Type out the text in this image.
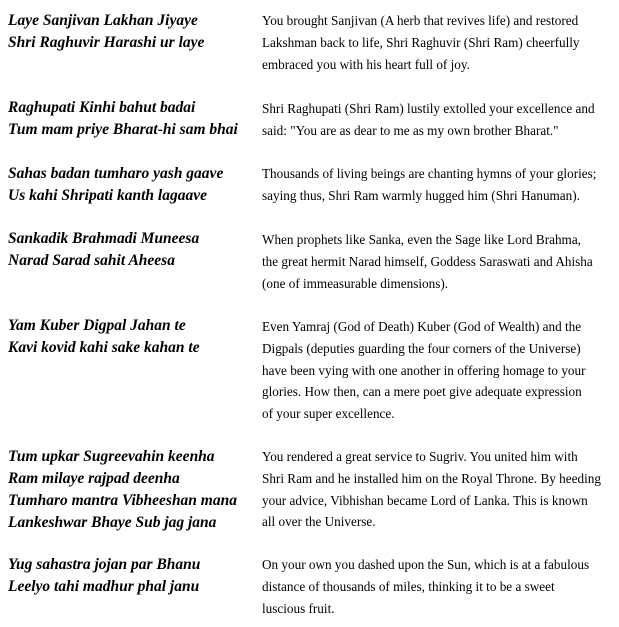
Laye Sanjivan Lakhan Jiyaye
Shri Raghuvir Harashi ur laye
You brought Sanjivan (A herb that revives life) and restored
Lakshman back to life, Shri Raghuvir (Shri Ram) cheerfully
embraced you with his heart full of joy.
Raghupati Kinhi bahut badai
Tum mam priye Bharat-hi sam bhai
Shri Raghupati (Shri Ram) lustily extolled your excellence and
said: "You are as dear to me as my own brother Bharat."
Sahas badan tumharo yash gaave
Us kahi Shripati kanth lagaave
Thousands of living beings are chanting hymns of your glories;
saying thus, Shri Ram warmly hugged him (Shri Hanuman).
Sankadik Brahmadi Muneesa
Narad Sarad sahit Aheesa
When prophets like Sanka, even the Sage like Lord Brahma,
the great hermit Narad himself, Goddess Saraswati and Ahisha
(one of immeasurable dimensions).
Yam Kuber Digpal Jahan te
Kavi kovid kahi sake kahan te
Even Yamraj (God of Death) Kuber (God of Wealth) and the
Digpals (deputies guarding the four corners of the Universe)
have been vying with one another in offering homage to your
glories. How then, can a mere poet give adequate expression
of your super excellence.
Tum upkar Sugreevahin keenha
Ram milaye rajpad deenha
Tumharo mantra Vibheeshan mana
Lankeshwar Bhaye Sub jag jana
You rendered a great service to Sugriv. You united him with
Shri Ram and he installed him on the Royal Throne. By heeding
your advice, Vibhishan became Lord of Lanka. This is known
all over the Universe.
Yug sahastra jojan par Bhanu
Leelyo tahi madhur phal janu
On your own you dashed upon the Sun, which is at a fabulous
distance of thousands of miles, thinking it to be a sweet
luscious fruit.
